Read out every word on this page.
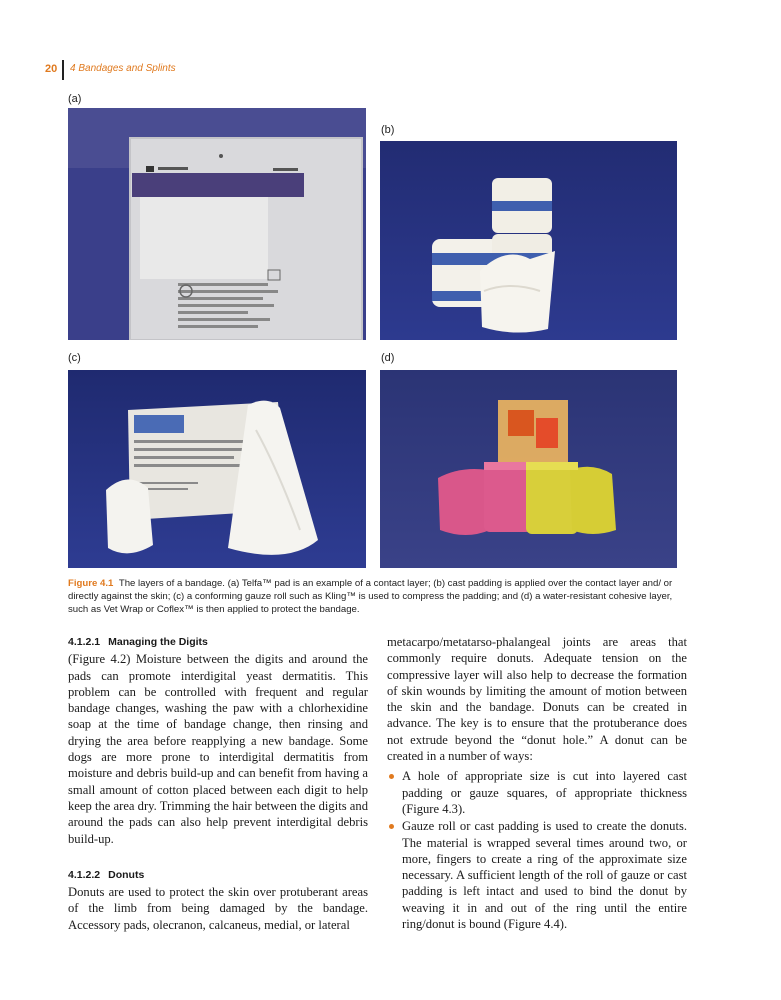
20 4 Bandages and Splints
(a)
(b)
(c)	(d)
Figure 4.1 The layers of a bandage. (a) Telfa™ pad is an example of a contact layer; (b) cast padding is applied over the contact layer and/ or directly against the skin; (c) a conforming gauze roll such as Kling™ is used to compress the padding; and (d) a water-resistant cohesive layer, such as Vet Wrap or Coflex™ is then applied to protect the bandage.
4.1.2.1 Managing the Digits

(Figure 4.2) Moisture between the digits and around the pads can promote interdigital yeast dermatitis. This problem can be controlled with frequent and regular bandage changes, washing the paw with a chlorhexidine soap at the time of bandage change, then rinsing and drying the area before reapplying a new bandage. Some dogs are more prone to interdigital dermatitis from moisture and debris build-up and can benefit from having a small amount of cotton placed between each digit to help keep the area dry. Trimming the hair between the digits and around the pads can also help prevent interdigital debris build-up.

4.1.2.2 Donuts

Donuts are used to protect the skin over protuberant areas of the limb from being damaged by the bandage. Accessory pads, olecranon, calcaneus, medial, or lateral

metacarpo/metatarso-phalangeal joints are areas that commonly require donuts. Adequate tension on the compressive layer will also help to decrease the formation of skin wounds by limiting the amount of motion between the skin and the bandage. Donuts can be created in advance. The key is to ensure that the protuberance does not extrude beyond the “donut hole.” A donut can be created in a number of ways:

A hole of appropriate size is cut into layered cast padding or gauze squares, of appropriate thickness (Figure 4.3).
Gauze roll or cast padding is used to create the donuts. The material is wrapped several times around two, or more, fingers to create a ring of the approximate size necessary. A sufficient length of the roll of gauze or cast padding is left intact and used to bind the donut by weaving it in and out of the ring until the entire ring/donut is bound (Figure 4.4).
